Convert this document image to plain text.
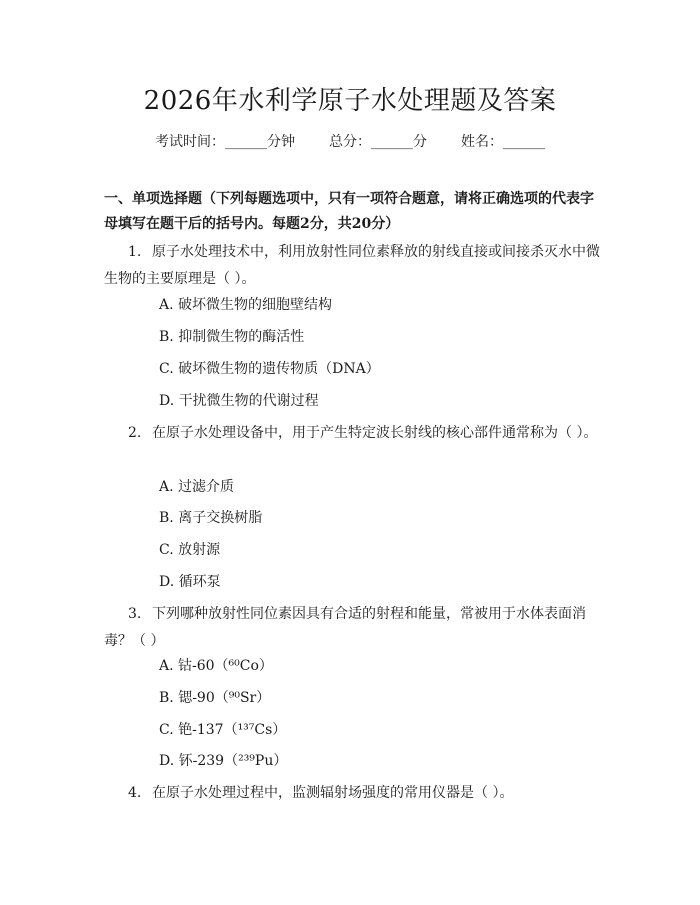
2026年水利学原子水处理题及答案
考试时间：______分钟 总分：______分 姓名：______
一、单项选择题（下列每题选项中，只有一项符合题意，请将正确选项的代表字母填写在题干后的括号内。每题2分，共20分）
1. 原子水处理技术中，利用放射性同位素释放的射线直接或间接杀灭水中微生物的主要原理是（ ）。
A. 破坏微生物的细胞壁结构
B. 抑制微生物的酶活性
C. 破坏微生物的遗传物质（DNA）
D. 干扰微生物的代谢过程
2. 在原子水处理设备中，用于产生特定波长射线的核心部件通常称为（ ）。
A. 过滤介质
B. 离子交换树脂
C. 放射源
D. 循环泵
3. 下列哪种放射性同位素因具有合适的射程和能量，常被用于水体表面消毒？（ ）
A. 钴-60（⁶⁰Co）
B. 锶-90（⁹⁰Sr）
C. 铯-137（¹³⁷Cs）
D. 钚-239（²³⁹Pu）
4. 在原子水处理过程中，监测辐射场强度的常用仪器是（ ）。
